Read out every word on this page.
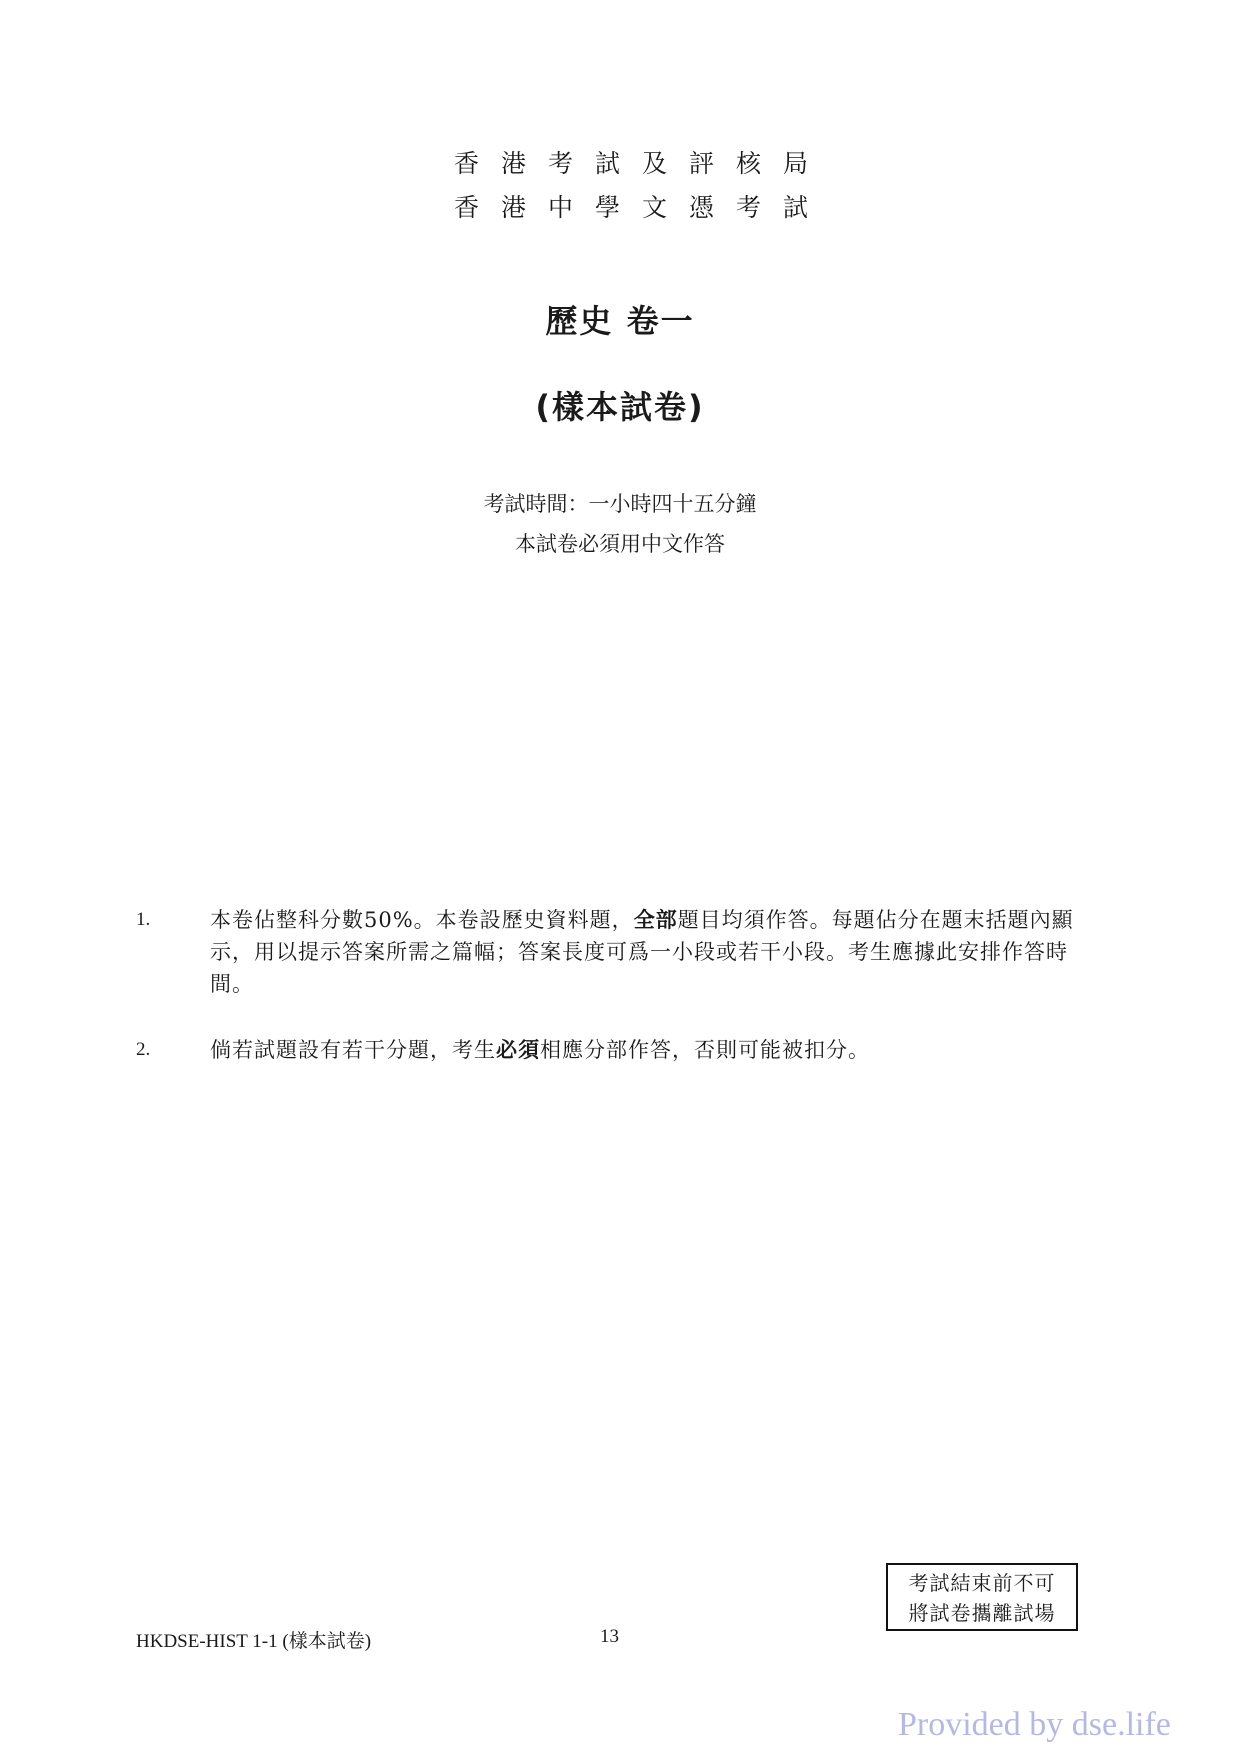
香港考試及評核局
香港中學文憑考試
歷史 卷一
(樣本試卷)
考試時間：一小時四十五分鐘
本試卷必須用中文作答
1.	本卷佔整科分數50%。本卷設歷史資料題，全部題目均須作答。每題佔分在題末括題內顯示，用以提示答案所需之篇幅；答案長度可爲一小段或若干小段。考生應據此安排作答時間。
2.	倘若試題設有若干分題，考生必須相應分部作答，否則可能被扣分。
考試結束前不可
將試卷攜離試場
HKDSE-HIST 1-1 (樣本試卷)	13
Provided by dse.life
